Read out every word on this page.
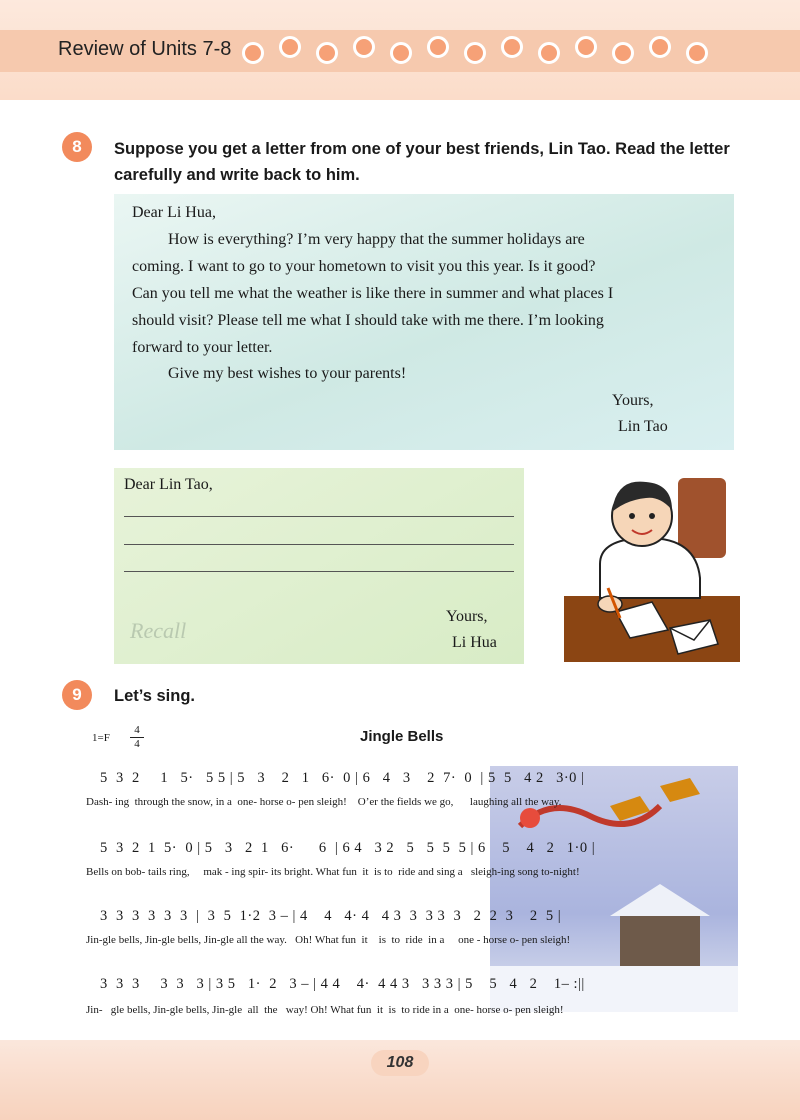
Review of Units 7-8
8	Suppose you get a letter from one of your best friends, Lin Tao. Read the letter carefully and write back to him.
Dear Li Hua,
How is everything? I’m very happy that the summer holidays are
coming. I want to go to your hometown to visit you this year. Is it good?
Can you tell me what the weather is like there in summer and what places I
should visit? Please tell me what I should take with me there. I’m looking
forward to your letter.
Give my best wishes to your parents!
Yours,
Lin Tao
Dear Lin Tao,
Recall
Yours,
Li Hua
9	Let’s sing.
1=F
4
4	Jingle Bells
5  3  2     1   5·   5 5 | 5   3    2   1   6·  0 | 6   4   3    2  7·  0  | 5  5   4 2   3·0 |
Dash- ing  through the snow, in a  one- horse o- pen sleigh!    O’er the fields we go,      laughing all the way.
5  3  2  1  5·  0 | 5   3   2  1   6·      6  | 6 4   3 2   5   5  5  5 | 6    5    4   2   1·0 |
Bells on bob- tails ring,     mak - ing spir- its bright. What fun  it  is to  ride and sing a   sleigh-ing song to-night!
3  3  3  3  3  3  |  3  5  1·2  3 – | 4    4   4· 4   4 3  3  3 3  3   2  2  3    2  5 |
Jin-gle bells, Jin-gle bells, Jin-gle all the way.   Oh! What fun  it    is  to  ride  in a     one - horse o- pen sleigh!
3  3  3     3  3   3 | 3 5   1·  2   3 – | 4 4    4·  4 4 3   3 3 3 | 5    5   4   2    1– :||
Jin-   gle bells, Jin-gle bells, Jin-gle  all  the   way! Oh! What fun  it  is  to ride in a  one- horse o- pen sleigh!
108
